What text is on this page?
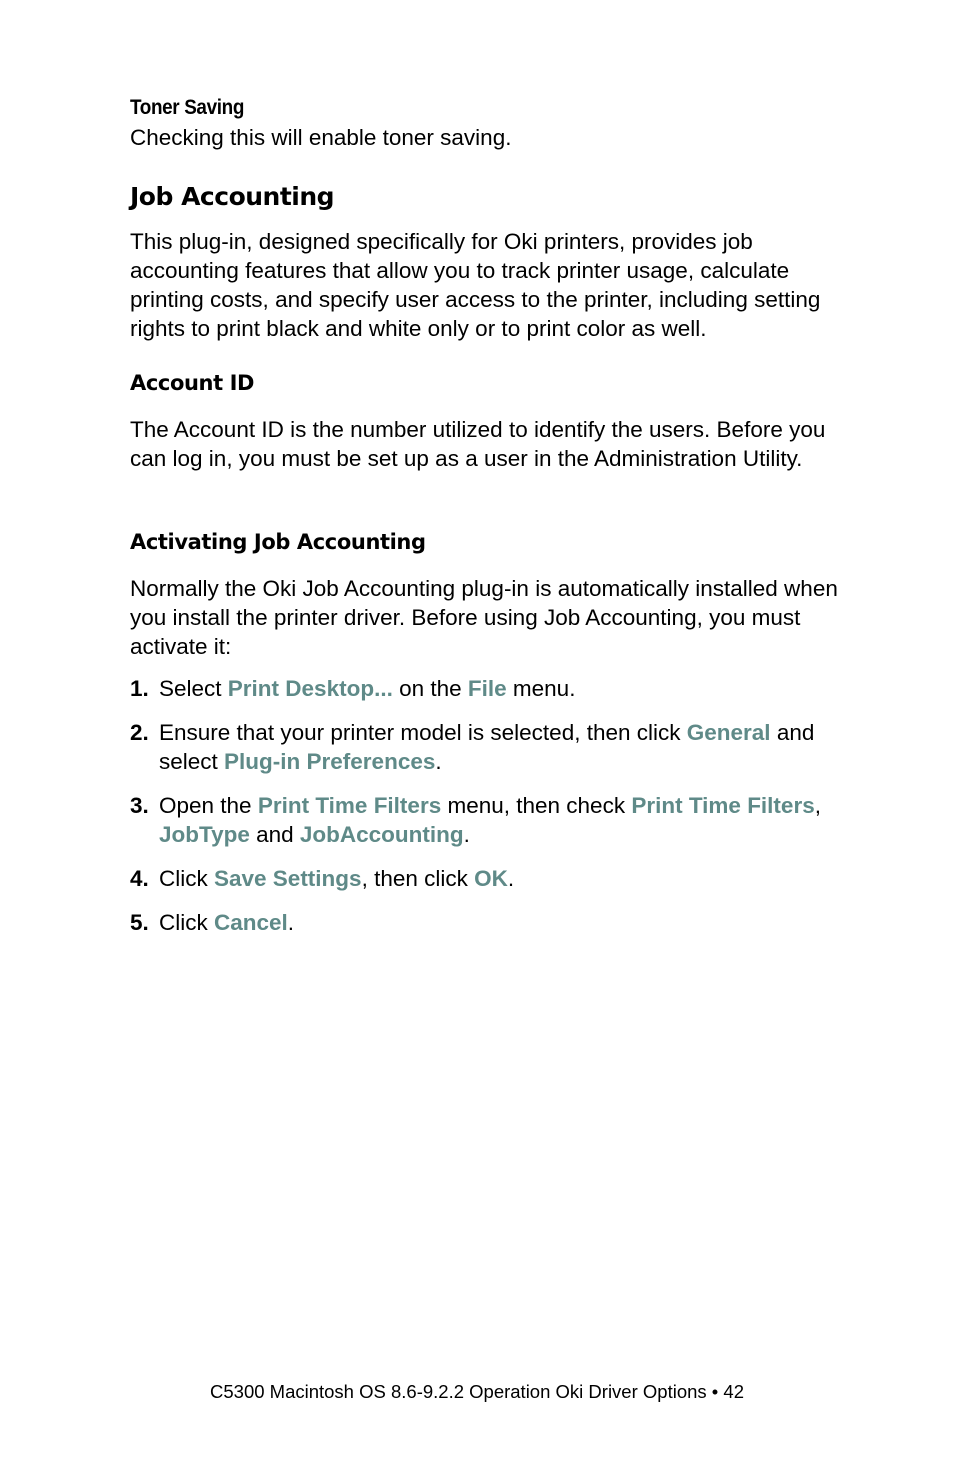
Toner Saving
Checking this will enable toner saving.
Job Accounting
This plug-in, designed specifically for Oki printers, provides job accounting features that allow you to track printer usage, calculate printing costs, and specify user access to the printer, including setting rights to print black and white only or to print color as well.
Account ID
The Account ID is the number utilized to identify the users. Before you can log in, you must be set up as a user in the Administration Utility.
Activating Job Accounting
Normally the Oki Job Accounting plug-in is automatically installed when you install the printer driver. Before using Job Accounting, you must activate it:
1. Select Print Desktop... on the File menu.
2. Ensure that your printer model is selected, then click General and select Plug-in Preferences.
3. Open the Print Time Filters menu, then check Print Time Filters, JobType and JobAccounting.
4. Click Save Settings, then click OK.
5. Click Cancel.
C5300 Macintosh OS 8.6-9.2.2 Operation Oki Driver Options • 42
